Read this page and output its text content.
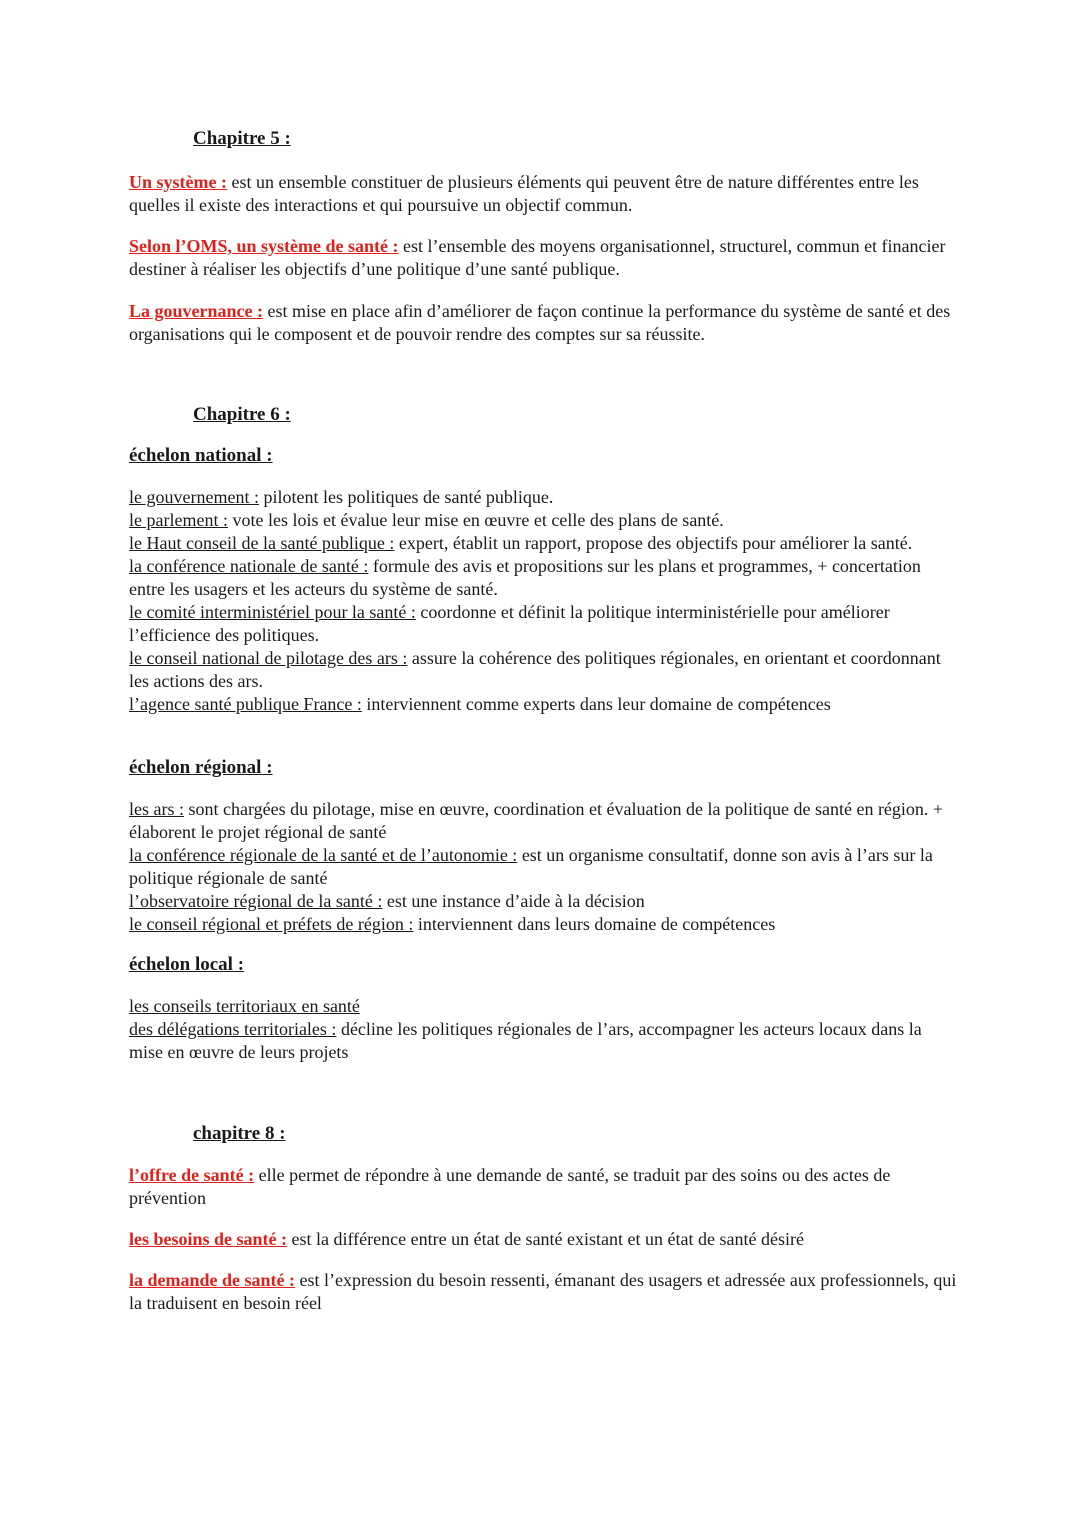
Chapitre 5 :

Un système : est un ensemble constituer de plusieurs éléments qui peuvent être de nature différentes entre les quelles il existe des interactions et qui poursuive un objectif commun.

Selon l’OMS, un système de santé : est l’ensemble des moyens organisationnel, structurel, commun et financier destiner à réaliser les objectifs d’une politique d’une santé publique.

La gouvernance : est mise en place afin d’améliorer de façon continue la performance du système de santé et des organisations qui le composent et de pouvoir rendre des comptes sur sa réussite.

Chapitre 6 :
échelon national :
le gouvernement : pilotent les politiques de santé publique.
le parlement : vote les lois et évalue leur mise en œuvre et celle des plans de santé.
le Haut conseil de la santé publique : expert, établit un rapport, propose des objectifs pour améliorer la santé.
la conférence nationale de santé : formule des avis et propositions sur les plans et programmes, + concertation entre les usagers et les acteurs du système de santé.
le comité interministériel pour la santé : coordonne et définit la politique interministérielle pour améliorer l’efficience des politiques.
le conseil national de pilotage des ars : assure la cohérence des politiques régionales, en orientant et coordonnant les actions des ars.
l’agence santé publique France : interviennent comme experts dans leur domaine de compétences
échelon régional :
les ars : sont chargées du pilotage, mise en œuvre, coordination et évaluation de la politique de santé en région. + élaborent le projet régional de santé
la conférence régionale de la santé et de l’autonomie : est un organisme consultatif, donne son avis à l’ars sur la politique régionale de santé
l’observatoire régional de la santé : est une instance d’aide à la décision
le conseil régional et préfets de région : interviennent dans leurs domaine de compétences
échelon local :
les conseils territoriaux en santé
des délégations territoriales : décline les politiques régionales de l’ars, accompagner les acteurs locaux dans la mise en œuvre de leurs projets
chapitre 8 :

l’offre de santé : elle permet de répondre à une demande de santé, se traduit par des soins ou des actes de prévention

les besoins de santé : est la différence entre un état de santé existant et un état de santé désiré

la demande de santé : est l’expression du besoin ressenti, émanant des usagers et adressée aux professionnels, qui la traduisent en besoin réel
